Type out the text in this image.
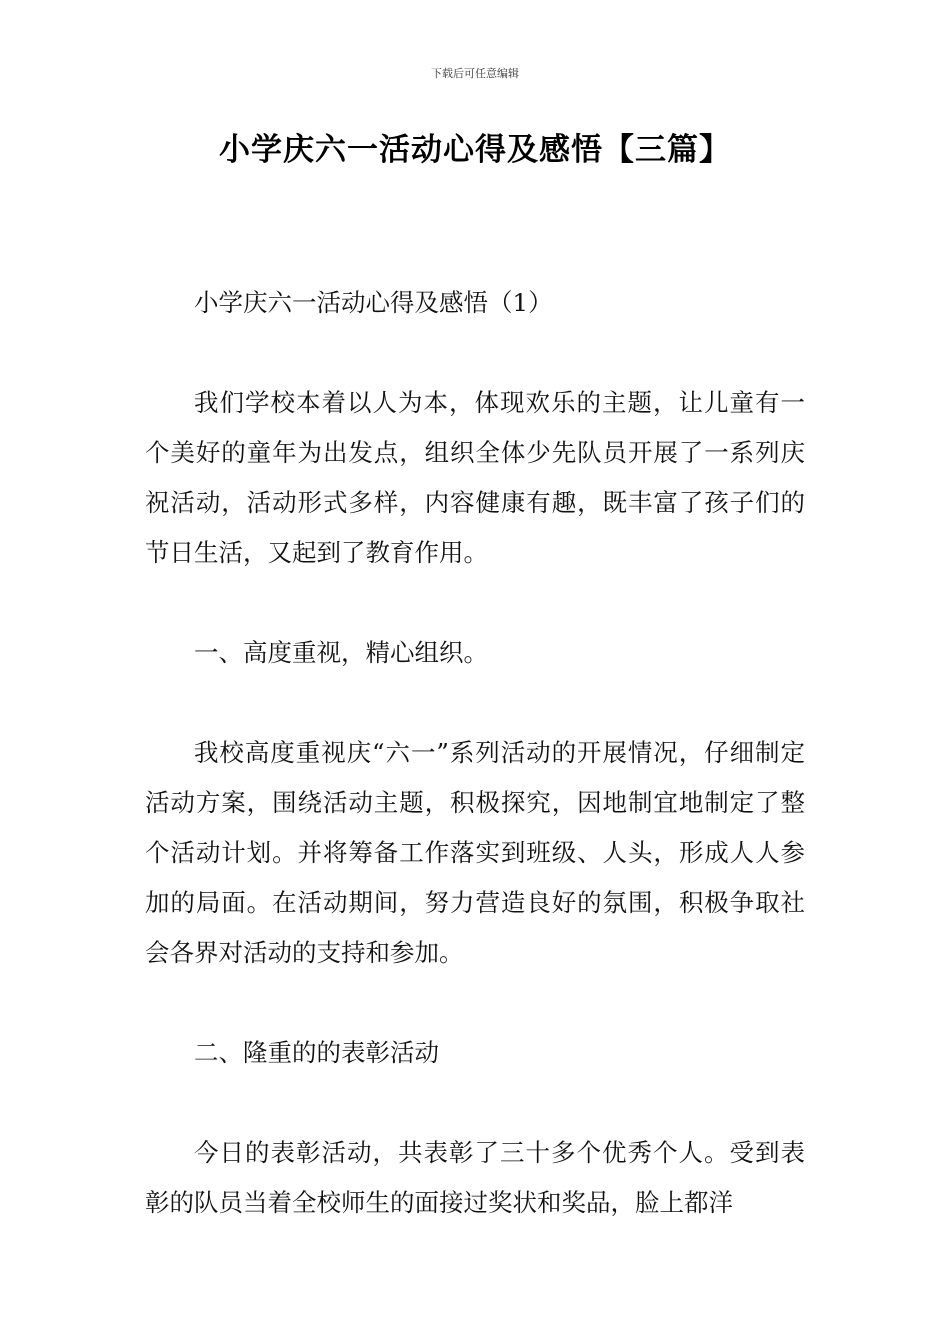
下载后可任意编辑
小学庆六一活动心得及感悟【三篇】

小学庆六一活动心得及感悟（1）

我们学校本着以人为本，体现欢乐的主题，让儿童有一个美好的童年为出发点，组织全体少先队员开展了一系列庆祝活动，活动形式多样，内容健康有趣，既丰富了孩子们的节日生活，又起到了教育作用。

一、高度重视，精心组织。

我校高度重视庆“六一”系列活动的开展情况，仔细制定活动方案，围绕活动主题，积极探究，因地制宜地制定了整个活动计划。并将筹备工作落实到班级、人头，形成人人参加的局面。在活动期间，努力营造良好的氛围，积极争取社会各界对活动的支持和参加。

二、隆重的的表彰活动

今日的表彰活动，共表彰了三十多个优秀个人。受到表彰的队员当着全校师生的面接过奖状和奖品，脸上都洋
